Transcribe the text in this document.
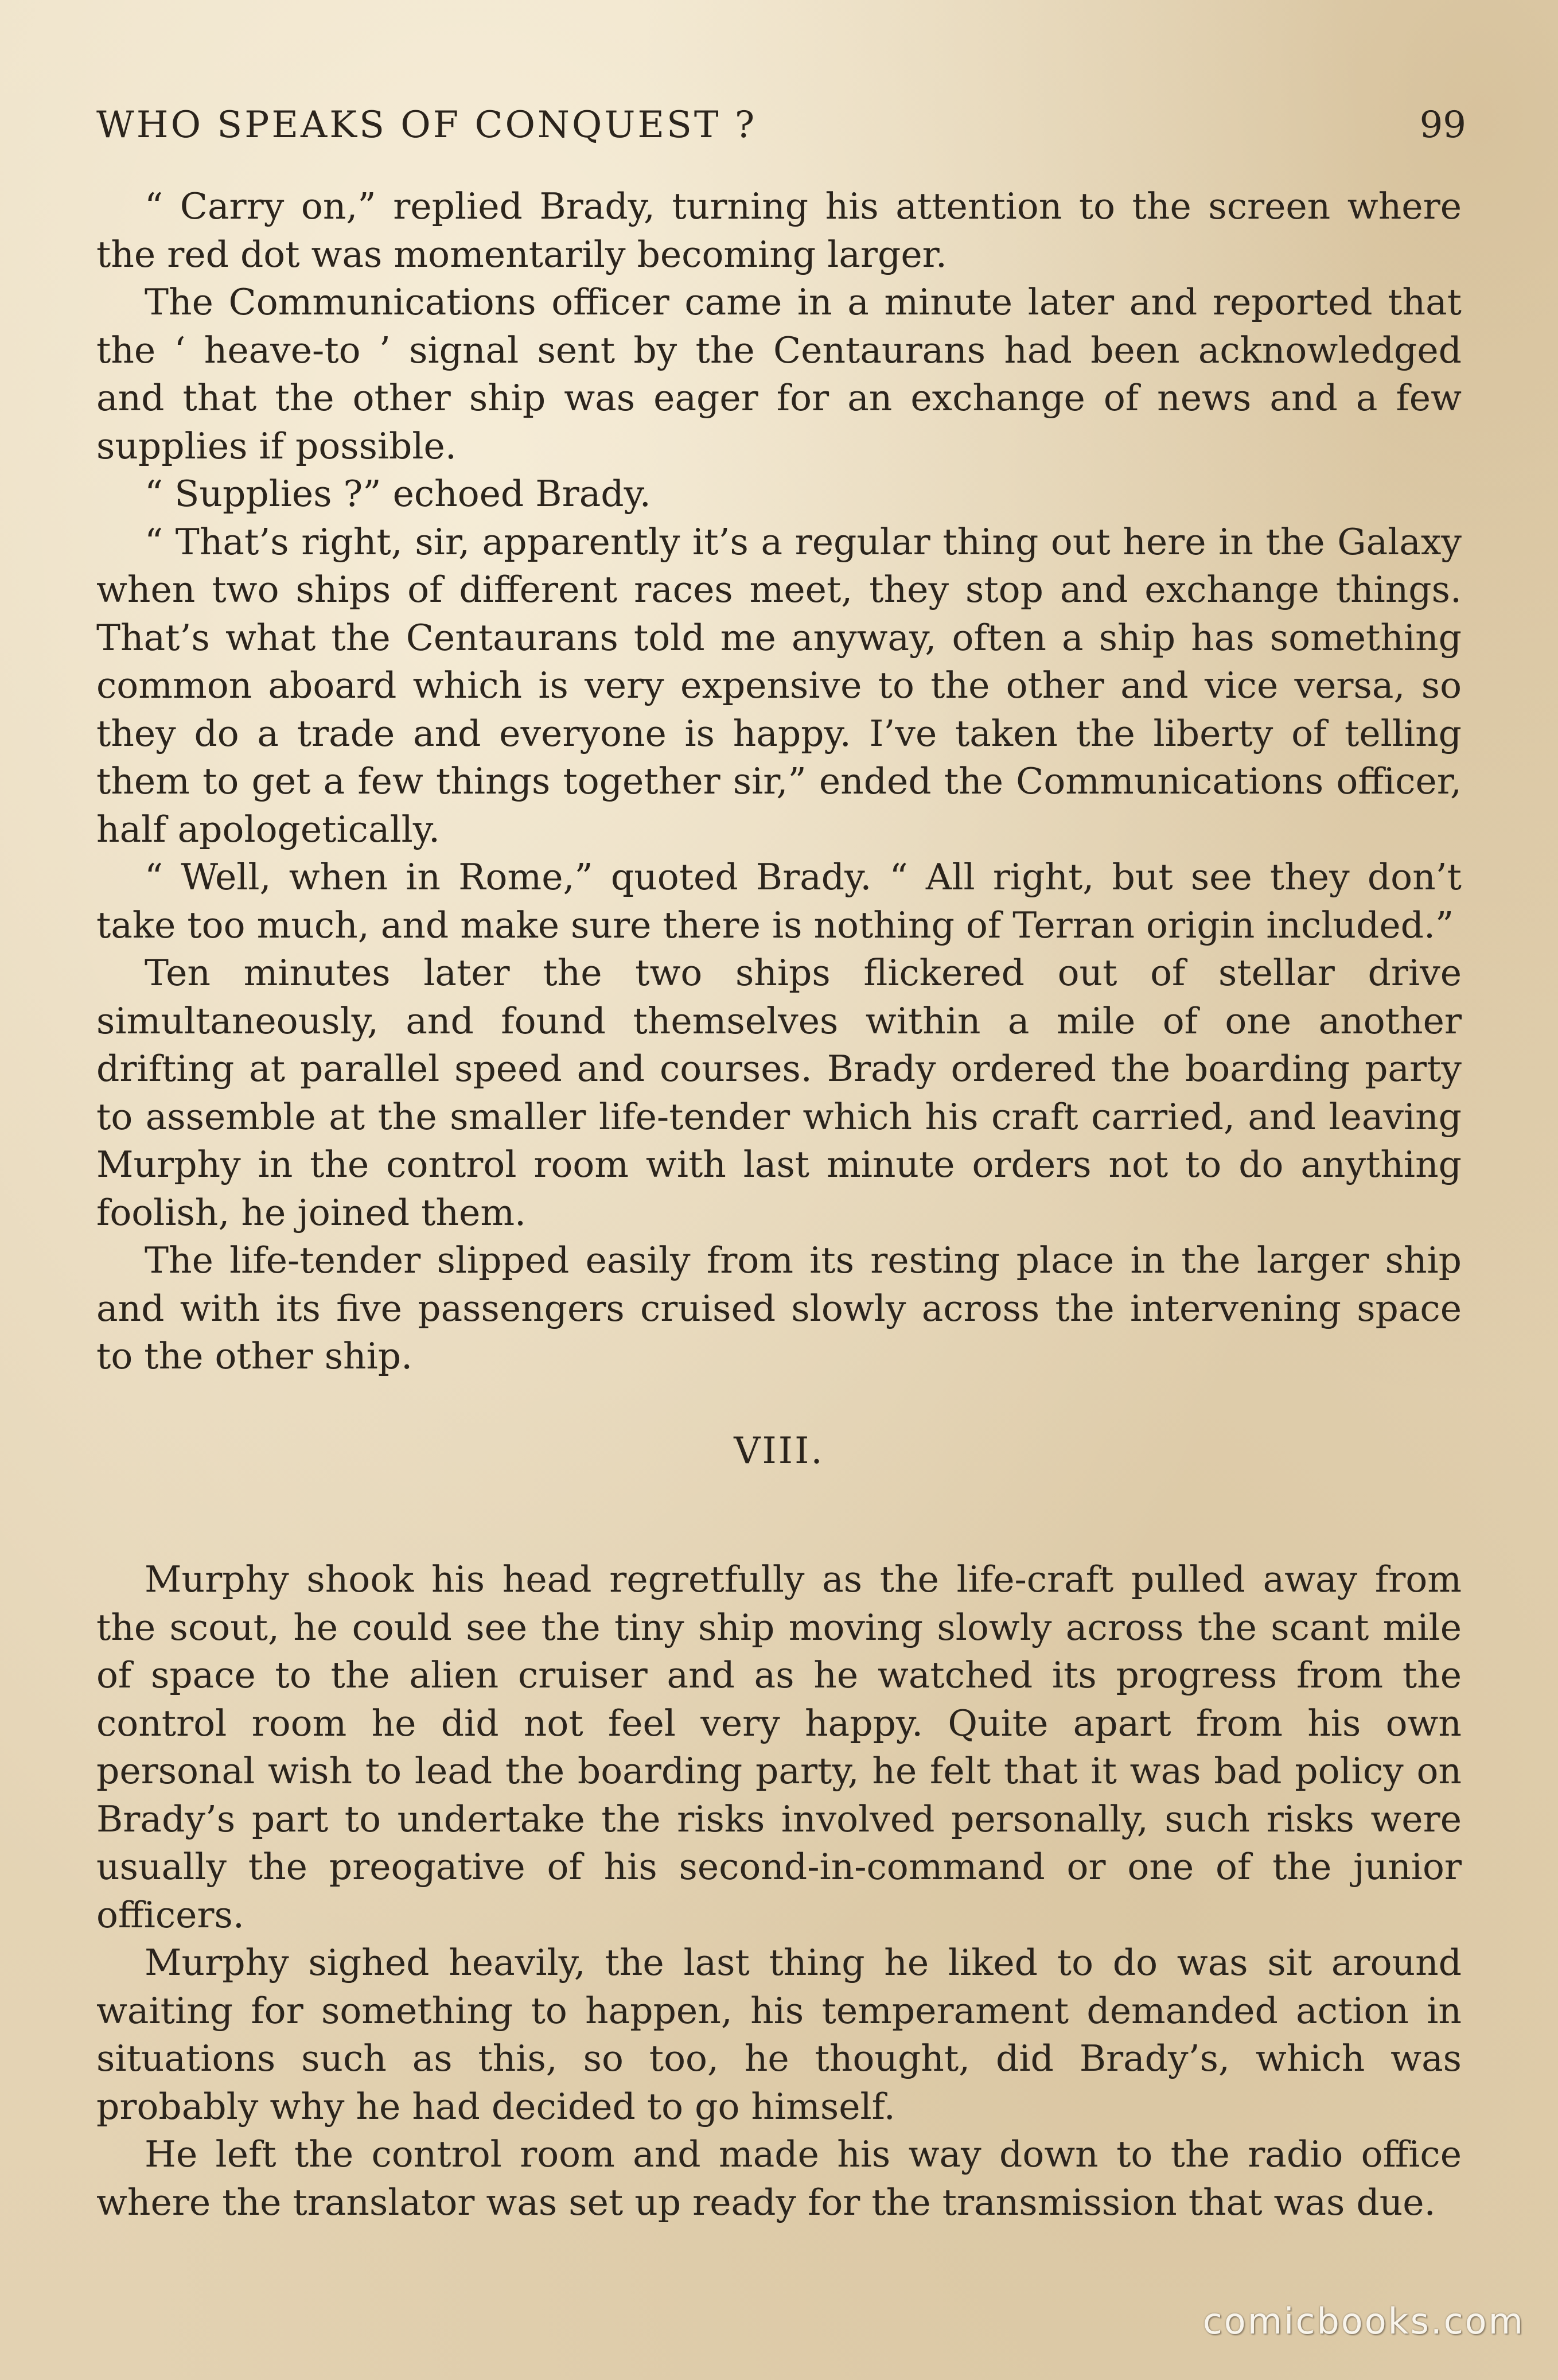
WHO SPEAKS OF CONQUEST ?	99

“ Carry on,” replied Brady, turning his attention to the screen where the red dot was momentarily becoming larger.

The Communications officer came in a minute later and reported that the ‘ heave-to ’ signal sent by the Centaurans had been acknowledged and that the other ship was eager for an exchange of news and a few supplies if possible.

“ Supplies ?” echoed Brady.

“ That’s right, sir, apparently it’s a regular thing out here in the Galaxy when two ships of different races meet, they stop and exchange things. That’s what the Centaurans told me anyway, often a ship has something common aboard which is very expensive to the other and vice versa, so they do a trade and everyone is happy. I’ve taken the liberty of telling them to get a few things together sir,” ended the Communications officer, half apologetically.

“ Well, when in Rome,” quoted Brady. “ All right, but see they don’t take too much, and make sure there is nothing of Terran origin included.”

Ten minutes later the two ships flickered out of stellar drive simultaneously, and found themselves within a mile of one another drifting at parallel speed and courses. Brady ordered the boarding party to assemble at the smaller life-tender which his craft carried, and leaving Murphy in the control room with last minute orders not to do anything foolish, he joined them.

The life-tender slipped easily from its resting place in the larger ship and with its five passengers cruised slowly across the intervening space to the other ship.

VIII.

Murphy shook his head regretfully as the life-craft pulled away from the scout, he could see the tiny ship moving slowly across the scant mile of space to the alien cruiser and as he watched its progress from the control room he did not feel very happy. Quite apart from his own personal wish to lead the boarding party, he felt that it was bad policy on Brady’s part to undertake the risks involved personally, such risks were usually the preogative of his second-in-command or one of the junior officers.

Murphy sighed heavily, the last thing he liked to do was sit around waiting for something to happen, his temperament demanded action in situations such as this, so too, he thought, did Brady’s, which was probably why he had decided to go himself.

He left the control room and made his way down to the radio office where the translator was set up ready for the transmission that was due.

comicbooks.com
